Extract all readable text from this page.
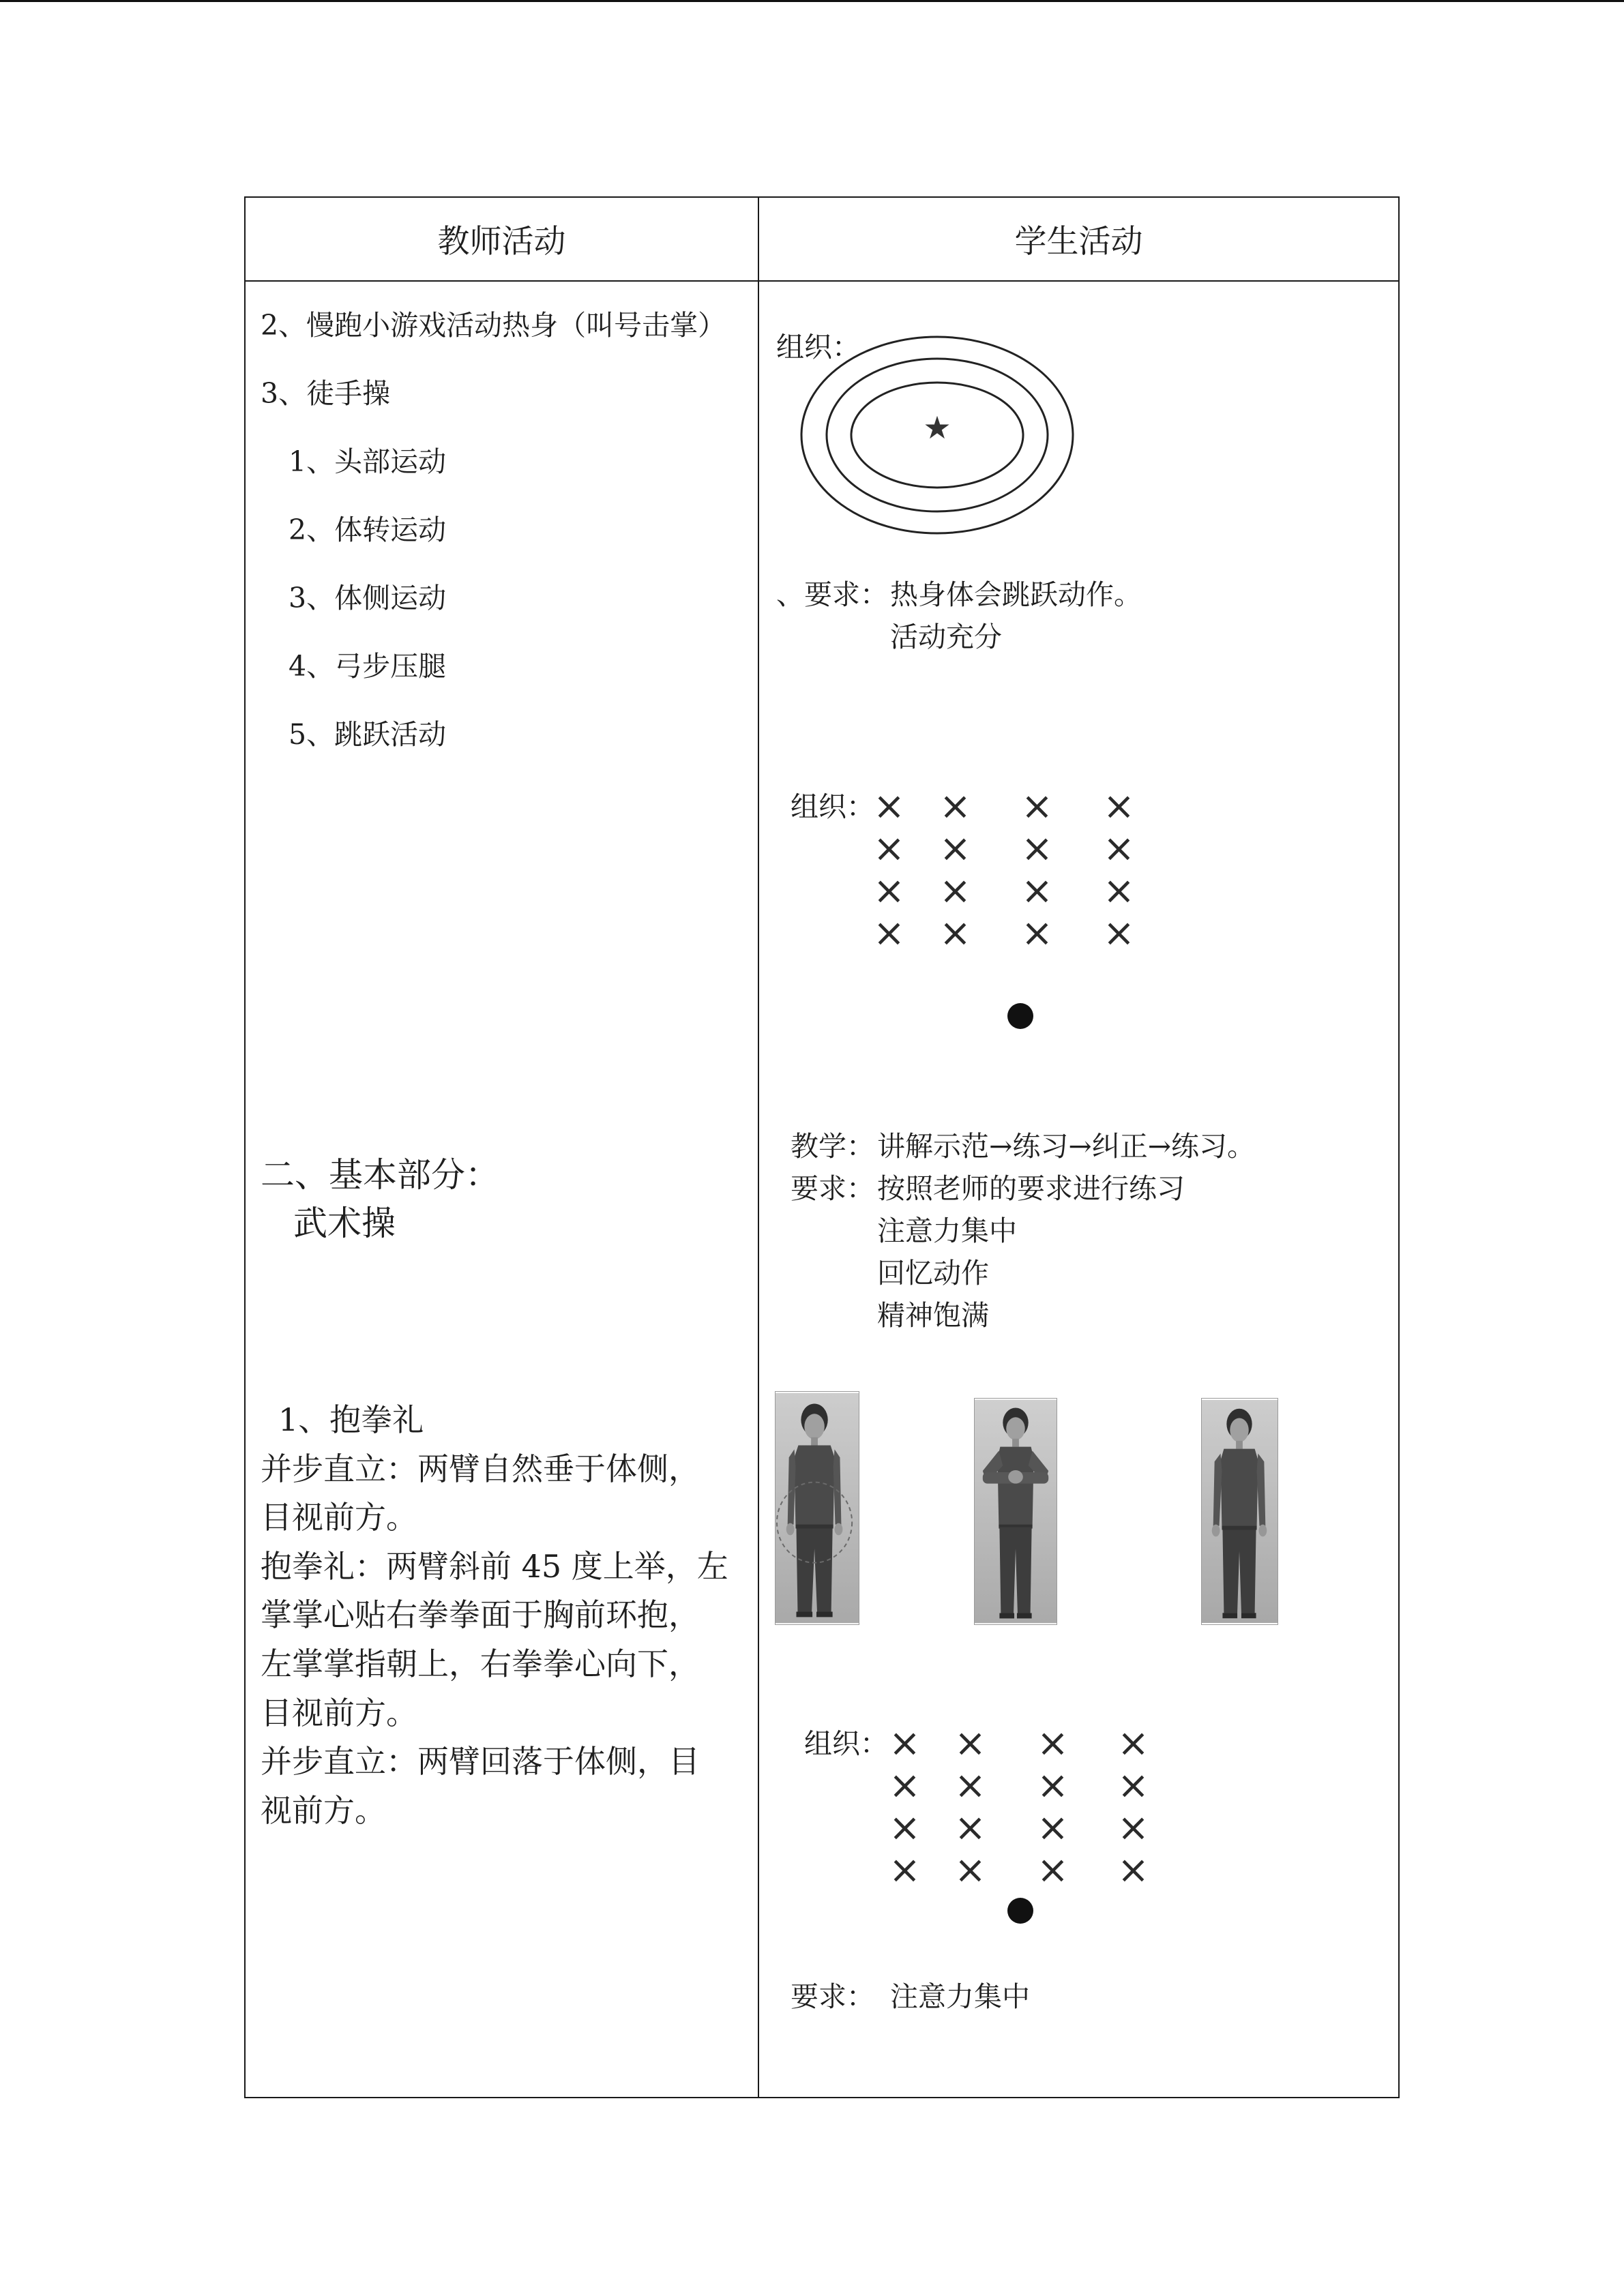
教师活动	学生活动
2、慢跑小游戏活动热身（叫号击掌）
3、徒手操
1、头部运动
2、体转运动
3、体侧运动
4、弓步压腿
5、跳跃活动
二、基本部分：
武术操
1、抱拳礼
并步直立：两臂自然垂于体侧，
目视前方。
抱拳礼：两臂斜前 45 度上举，左
掌掌心贴右拳拳面于胸前环抱，
左掌掌指朝上，右拳拳心向下，
目视前方。
并步直立：两臂回落于体侧，目
视前方。
组织：
★
、要求： 热身体会跳跃动作。
活动充分
组织：
× ×	×	×
× ×	×	×
× ×	×	×
× ×	×	×
教学： 讲解示范→练习→纠正→练习。
要求： 按照老师的要求进行练习
注意力集中
回忆动作
精神饱满
组织： × ×	×	×
× ×	×	×
× ×	×	×
× ×	×	×
要求： 注意力集中
